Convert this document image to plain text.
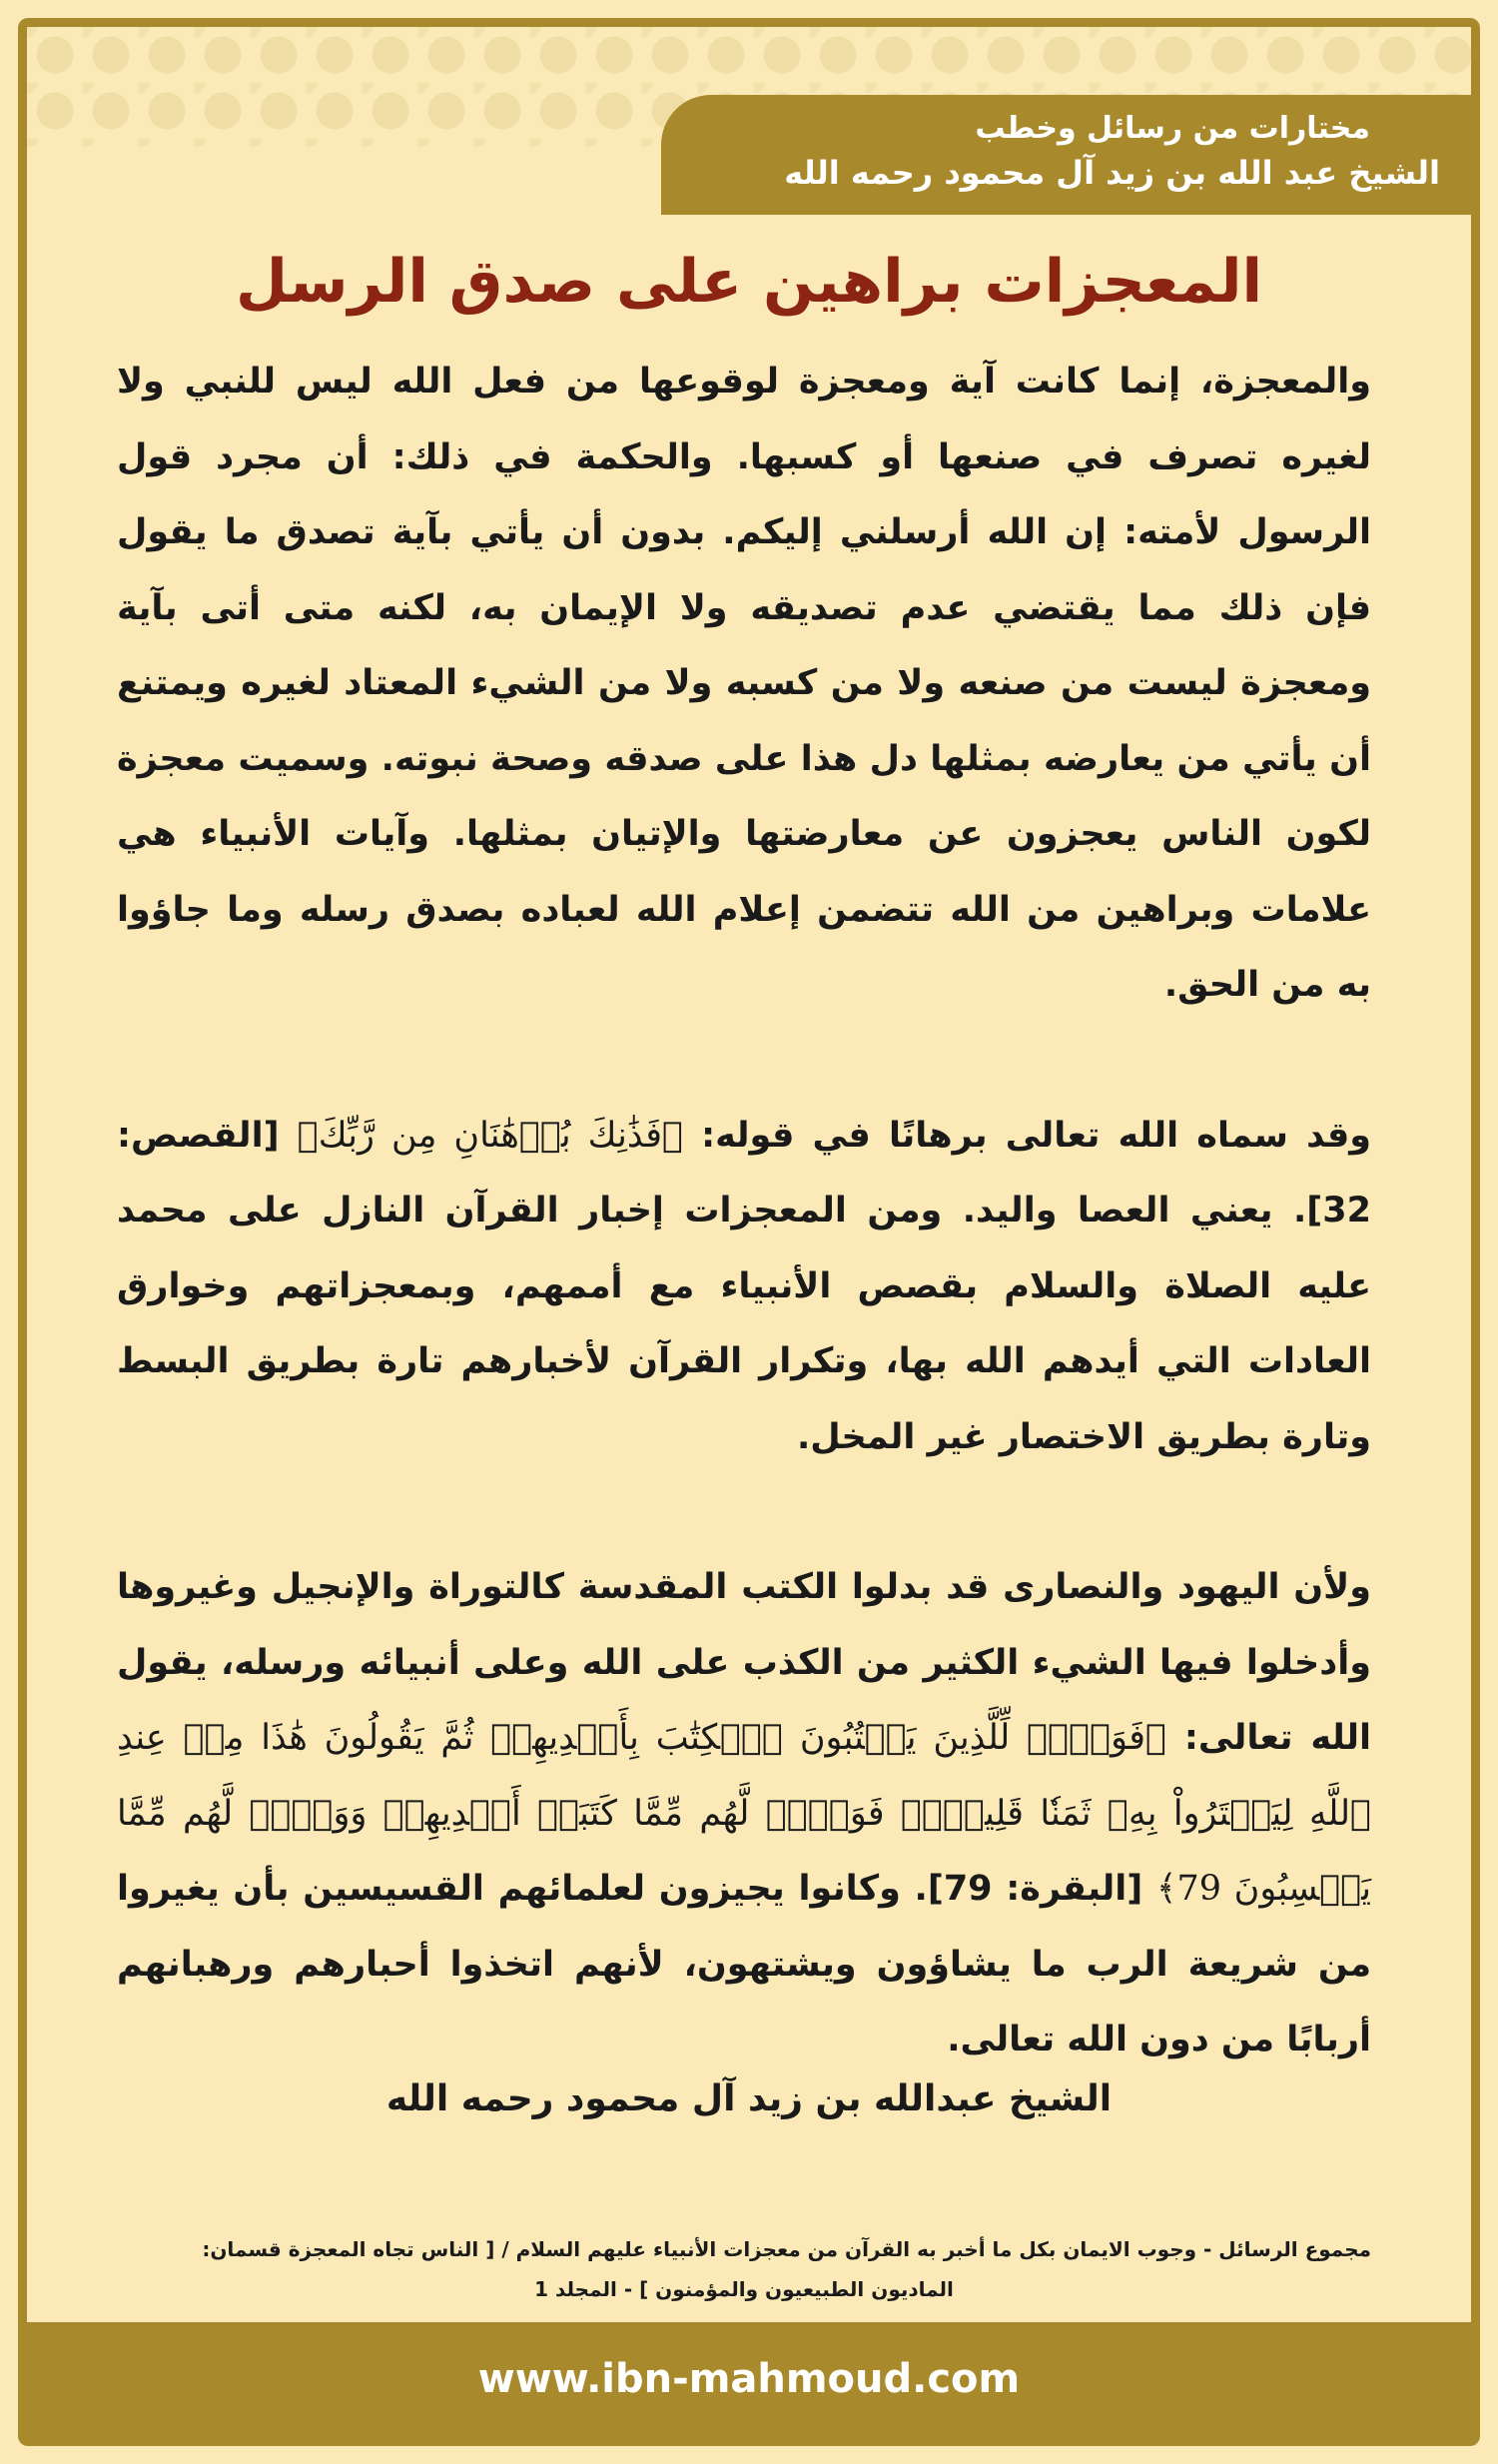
مختارات من رسائل وخطب
الشيخ عبد الله بن زيد آل محمود رحمه الله
المعجزات براهين على صدق الرسل

والمعجزة، إنما كانت آية ومعجزة لوقوعها من فعل الله ليس للنبي ولا لغيره تصرف في صنعها أو كسبها. والحكمة في ذلك: أن مجرد قول الرسول لأمته: إن الله أرسلني إليكم. بدون أن يأتي بآية تصدق ما يقول فإن ذلك مما يقتضي عدم تصديقه ولا الإيمان به، لكنه متى أتى بآية ومعجزة ليست من صنعه ولا من كسبه ولا من الشيء المعتاد لغيره ويمتنع أن يأتي من يعارضه بمثلها دل هذا على صدقه وصحة نبوته. وسميت معجزة لكون الناس يعجزون عن معارضتها والإتيان بمثلها. وآيات الأنبياء هي علامات وبراهين من الله تتضمن إعلام الله لعباده بصدق رسله وما جاؤوا به من الحق.

وقد سماه الله تعالى برهانًا في قوله: ﴿فَذَٰنِكَ بُرۡهَٰنَانِ مِن رَّبِّكَ﴾ [القصص: 32]. يعني العصا واليد. ومن المعجزات إخبار القرآن النازل على محمد عليه الصلاة والسلام بقصص الأنبياء مع أممهم، وبمعجزاتهم وخوارق العادات التي أيدهم الله بها، وتكرار القرآن لأخبارهم تارة بطريق البسط وتارة بطريق الاختصار غير المخل.

ولأن اليهود والنصارى قد بدلوا الكتب المقدسة كالتوراة والإنجيل وغيروها وأدخلوا فيها الشيء الكثير من الكذب على الله وعلى أنبيائه ورسله، يقول الله تعالى: ﴿فَوَيۡلٞ لِّلَّذِينَ يَكۡتُبُونَ ٱلۡكِتَٰبَ بِأَيۡدِيهِمۡ ثُمَّ يَقُولُونَ هَٰذَا مِنۡ عِندِ ٱللَّهِ لِيَشۡتَرُواْ بِهِۦ ثَمَنٗا قَلِيلٗاۖ فَوَيۡلٞ لَّهُم مِّمَّا كَتَبَتۡ أَيۡدِيهِمۡ وَوَيۡلٞ لَّهُم مِّمَّا يَكۡسِبُونَ 79﴾ [البقرة: 79]. وكانوا يجيزون لعلمائهم القسيسين بأن يغيروا من شريعة الرب ما يشاؤون ويشتهون، لأنهم اتخذوا أحبارهم ورهبانهم أربابًا من دون الله تعالى.

الشيخ عبدالله بن زيد آل محمود رحمه الله
مجموع الرسائل - وجوب الايمان بكل ما أخبر به القرآن من معجزات الأنبياء عليهم السلام / [ الناس تجاه المعجزة قسمان:
الماديون الطبيعيون والمؤمنون ] - المجلد 1
www.ibn-mahmoud.com
